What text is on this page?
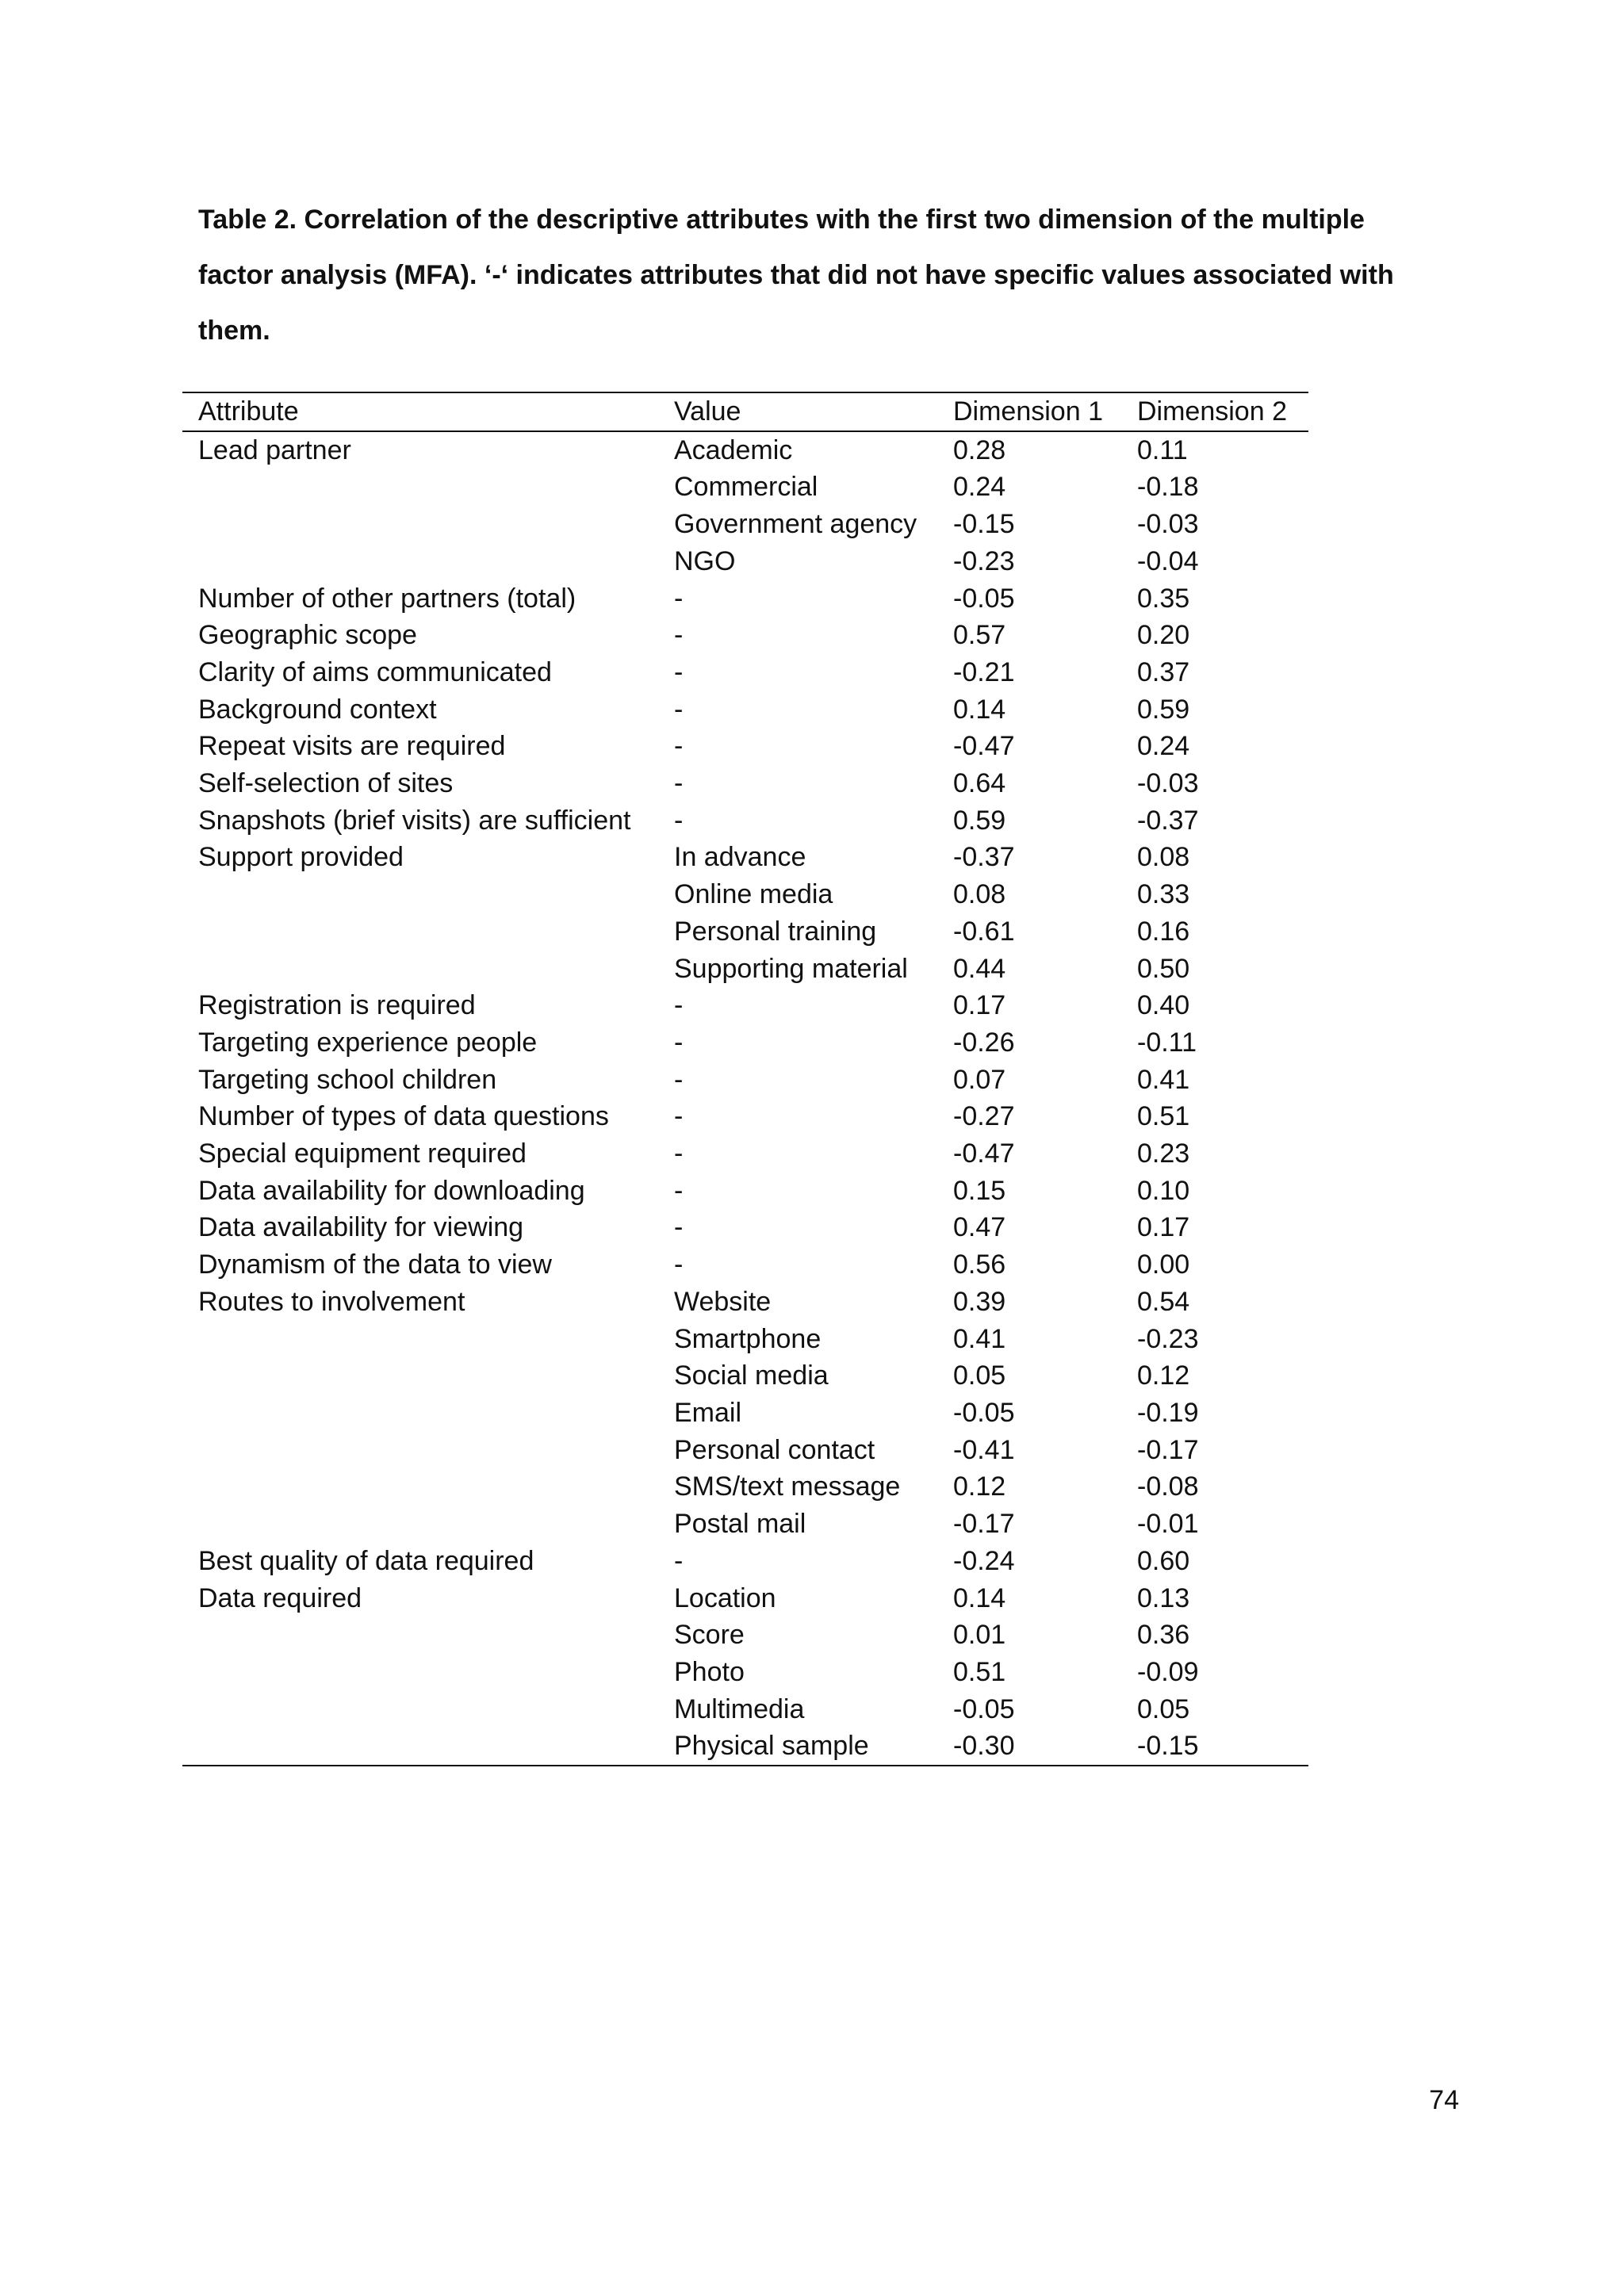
Table 2. Correlation of the descriptive attributes with the first two dimension of the multiple factor analysis (MFA). ‘-‘ indicates attributes that did not have specific values associated with them.

Attribute	Value	Dimension 1	Dimension 2
Lead partner	Academic	0.28	0.11
	Commercial	0.24	-0.18
	Government agency	-0.15	-0.03
	NGO	-0.23	-0.04
Number of other partners (total)	-	-0.05	0.35
Geographic scope	-	0.57	0.20
Clarity of aims communicated	-	-0.21	0.37
Background context	-	0.14	0.59
Repeat visits are required	-	-0.47	0.24
Self-selection of sites	-	0.64	-0.03
Snapshots (brief visits) are sufficient	-	0.59	-0.37
Support provided	In advance	-0.37	0.08
	Online media	0.08	0.33
	Personal training	-0.61	0.16
	Supporting material	0.44	0.50
Registration is required	-	0.17	0.40
Targeting experience people	-	-0.26	-0.11
Targeting school children	-	0.07	0.41
Number of types of data questions	-	-0.27	0.51
Special equipment required	-	-0.47	0.23
Data availability for downloading	-	0.15	0.10
Data availability for viewing	-	0.47	0.17
Dynamism of the data to view	-	0.56	0.00
Routes to involvement	Website	0.39	0.54
	Smartphone	0.41	-0.23
	Social media	0.05	0.12
	Email	-0.05	-0.19
	Personal contact	-0.41	-0.17
	SMS/text message	0.12	-0.08
	Postal mail	-0.17	-0.01
Best quality of data required	-	-0.24	0.60
Data required	Location	0.14	0.13
	Score	0.01	0.36
	Photo	0.51	-0.09
	Multimedia	-0.05	0.05
	Physical sample	-0.30	-0.15
74
